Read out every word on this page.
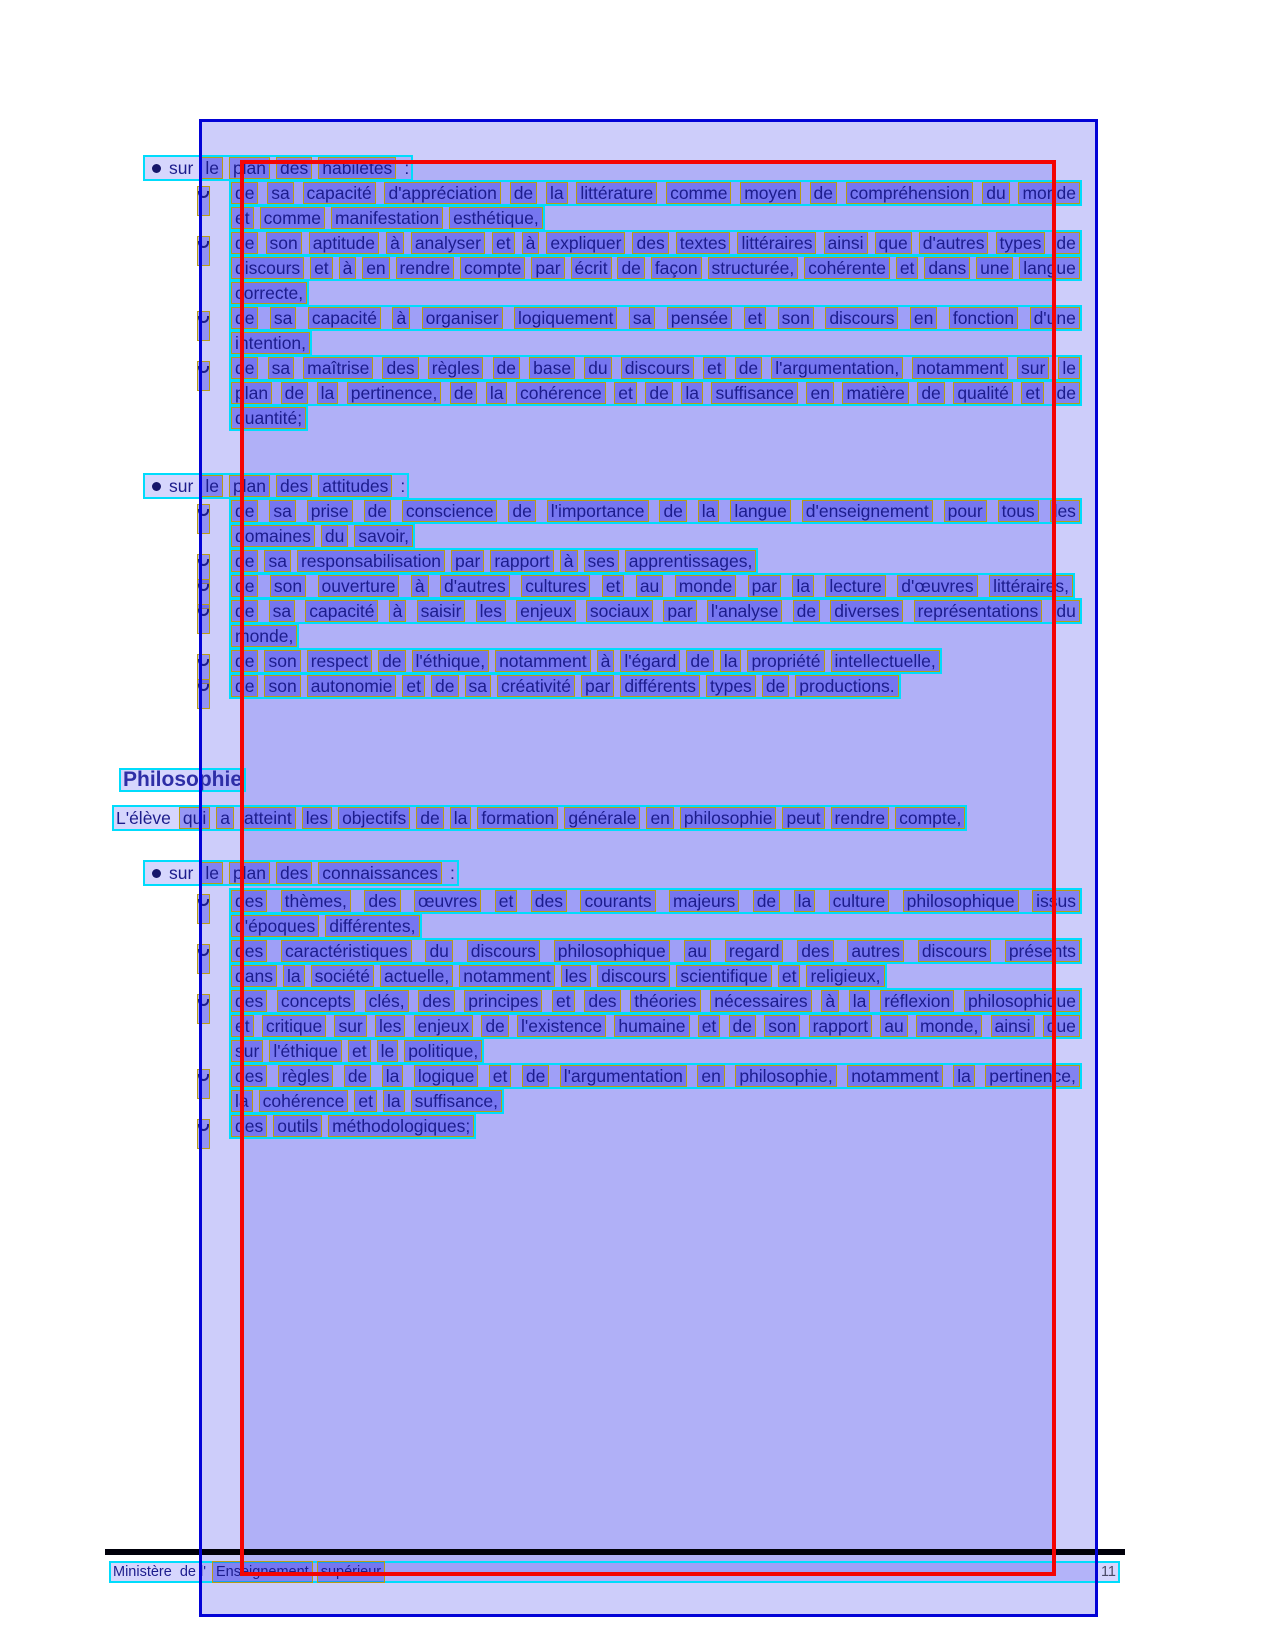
sur le plan des habiletés :
de sa capacité d'appréciation de la littérature comme moyen de compréhension du monde
et comme manifestation esthétique,
de son aptitude à analyser et à expliquer des textes littéraires ainsi que d'autres types de
discours et à en rendre compte par écrit de façon structurée, cohérente et dans une langue
correcte,
de sa capacité à organiser logiquement sa pensée et son discours en fonction d'une
intention,
de sa maîtrise des règles de base du discours et de l'argumentation, notamment sur le
plan de la pertinence, de la cohérence et de la suffisance en matière de qualité et de
quantité;
sur le plan des attitudes :
de sa prise de conscience de l'importance de la langue d'enseignement pour tous les
domaines du savoir,
de sa responsabilisation par rapport à ses apprentissages,
de son ouverture à d'autres cultures et au monde par la lecture d'œuvres littéraires,
de sa capacité à saisir les enjeux sociaux par l'analyse de diverses représentations du
monde,
de son respect de l'éthique, notamment à l'égard de la propriété intellectuelle,
de son autonomie et de sa créativité par différents types de productions.
Philosophie
L'élève qui a atteint les objectifs de la formation générale en philosophie peut rendre compte,
sur le plan des connaissances :
des thèmes, des œuvres et des courants majeurs de la culture philosophique issus
d'époques différentes,
des caractéristiques du discours philosophique au regard des autres discours présents
dans la société actuelle, notamment les discours scientifique et religieux,
des concepts clés, des principes et des théories nécessaires à la réflexion philosophique
et critique sur les enjeux de l'existence humaine et de son rapport au monde, ainsi que
sur l'éthique et le politique,
des règles de la logique et de l'argumentation en philosophie, notamment la pertinence,
la cohérence et la suffisance,
des outils méthodologiques;
Ministère de l' Enseignement supérieur	11
